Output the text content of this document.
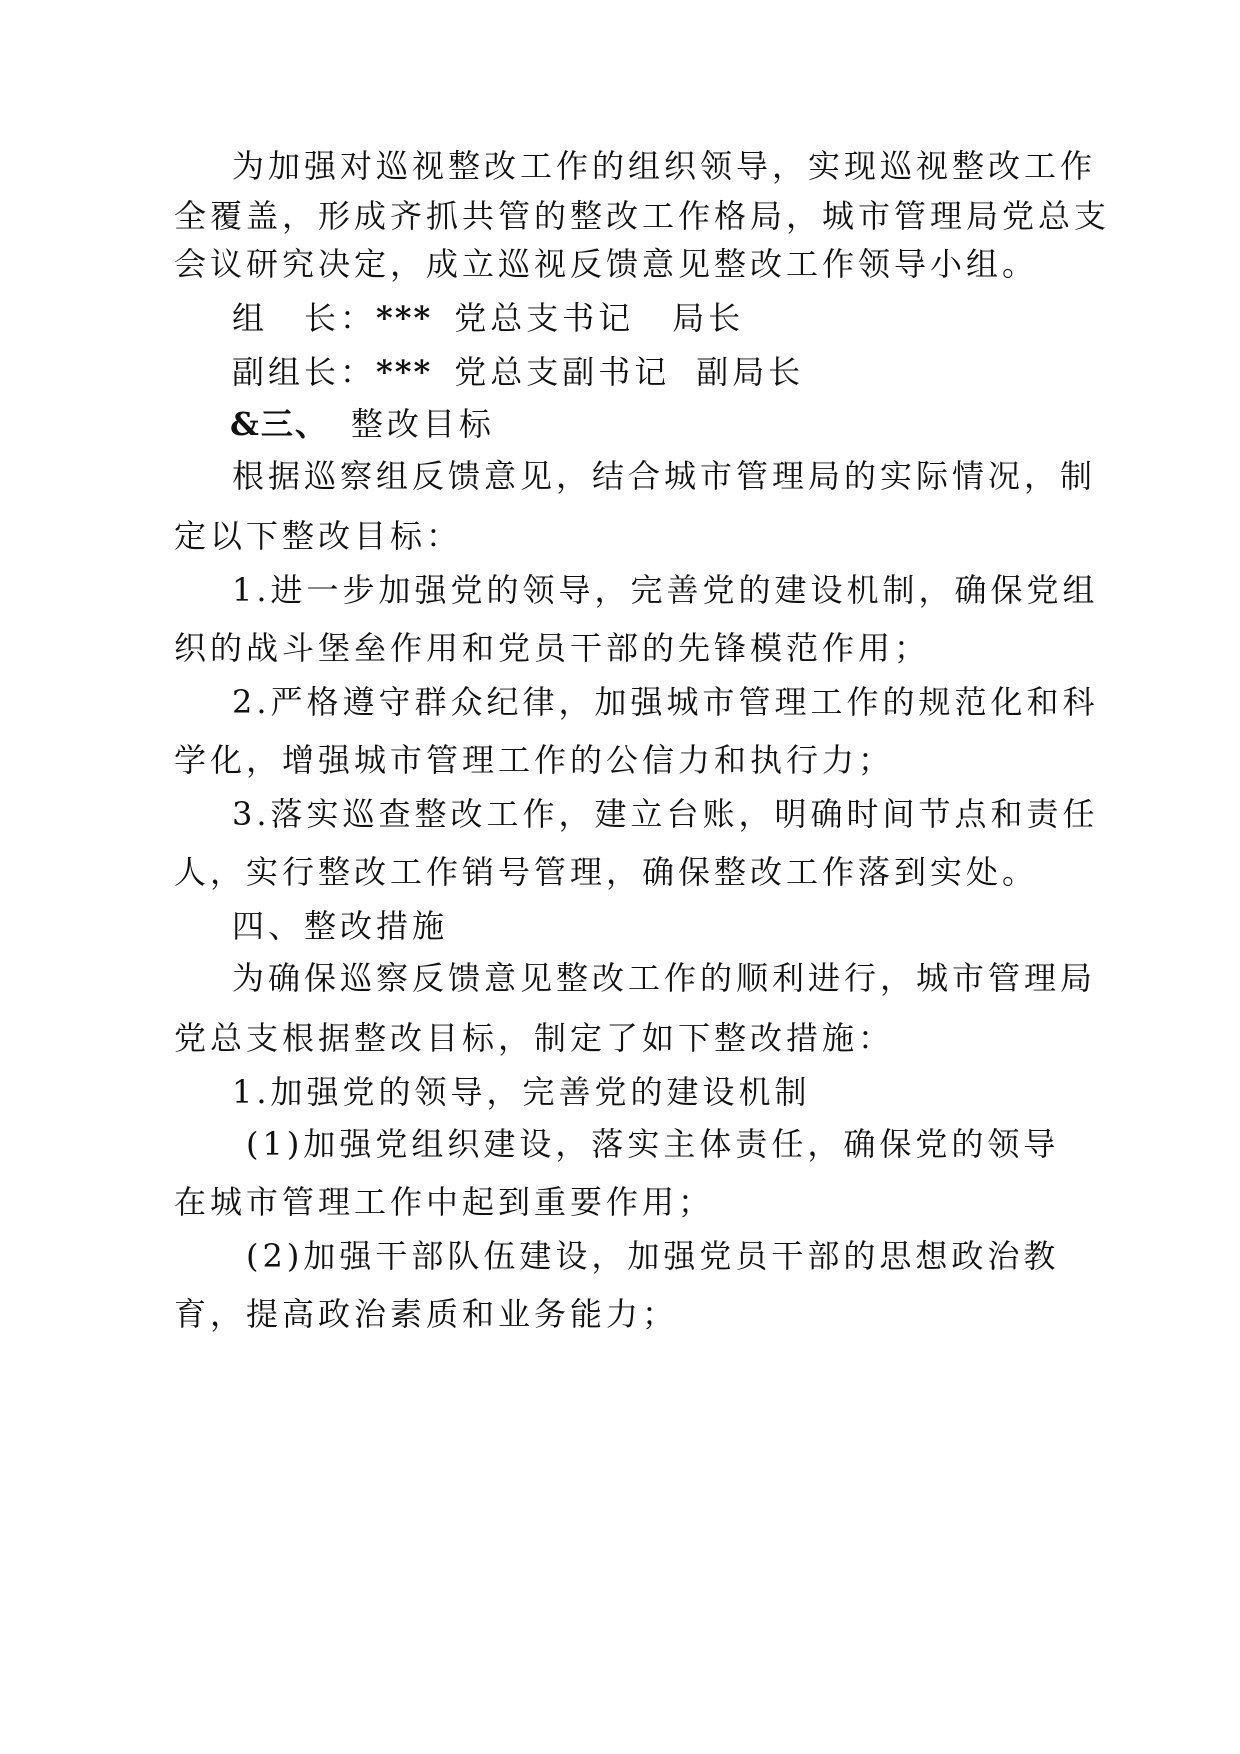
为加强对巡视整改工作的组织领导，实现巡视整改工作
全覆盖，形成齐抓共管的整改工作格局，城市管理局党总支
会议研究决定，成立巡视反馈意见整改工作领导小组。
组　长：*** 党总支书记 局长
副组长：*** 党总支副书记 副局长
&三、 整改目标
根据巡察组反馈意见，结合城市管理局的实际情况，制
定以下整改目标：
1.进一步加强党的领导，完善党的建设机制，确保党组
织的战斗堡垒作用和党员干部的先锋模范作用；
2.严格遵守群众纪律，加强城市管理工作的规范化和科
学化，增强城市管理工作的公信力和执行力；
3.落实巡查整改工作，建立台账，明确时间节点和责任
人，实行整改工作销号管理，确保整改工作落到实处。
四、整改措施
为确保巡察反馈意见整改工作的顺利进行，城市管理局
党总支根据整改目标，制定了如下整改措施：
1.加强党的领导，完善党的建设机制
(1)加强党组织建设，落实主体责任，确保党的领导
在城市管理工作中起到重要作用；
(2)加强干部队伍建设，加强党员干部的思想政治教
育，提高政治素质和业务能力；
